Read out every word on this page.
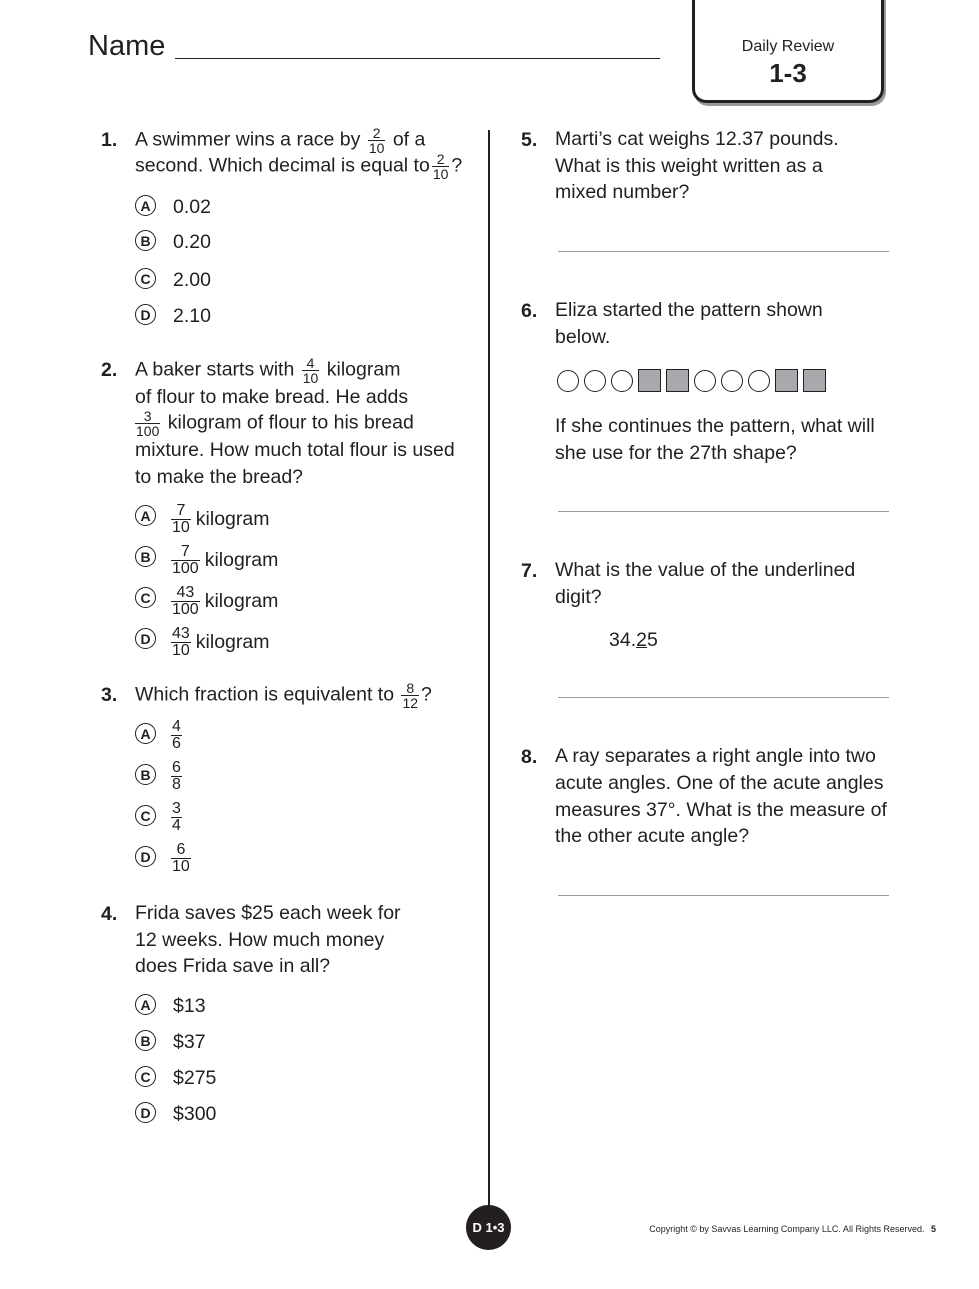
Name	Daily Review
1-3
1. A swimmer wins a race by $\frac{2}{10}$ of a
second. Which decimal is equal to $\frac{2}{10}$ ?
A 0.02
B 0.20
C 2.00
D 2.10
2. A baker starts with $\frac{4}{10}$ kilogram
of flour to make bread. He adds
$\frac{3}{100}$ kilogram of flour to his bread
mixture. How much total flour is used
to make the bread?
A	$\frac{7}{10}$ kilogram
B	$\frac{7}{100}$ kilogram
C	$\frac{43}{100}$ kilogram
D	$\frac{43}{10}$ kilogram
3. Which fraction is equivalent to $\frac{8}{12}$ ?
A	$\frac{4}{6}$
B	$\frac{6}{8}$
C	$\frac{3}{4}$
D	$\frac{6}{10}$
4. Frida saves $25 each week for
12 weeks. How much money
does Frida save in all?
A $13
B $37
C $275
D $300
5. Marti’s cat weighs 12.37 pounds.
What is this weight written as a
mixed number?
6. Eliza started the pattern shown
below.
If she continues the pattern, what will
she use for the 27th shape?
7. What is the value of the underlined
digit?
34.25
8. A ray separates a right angle into two
acute angles. One of the acute angles
measures 37°. What is the measure of
the other acute angle?
D 1•3	Copyright © by Savvas Learning Company LLC. All Rights Reserved. 5
